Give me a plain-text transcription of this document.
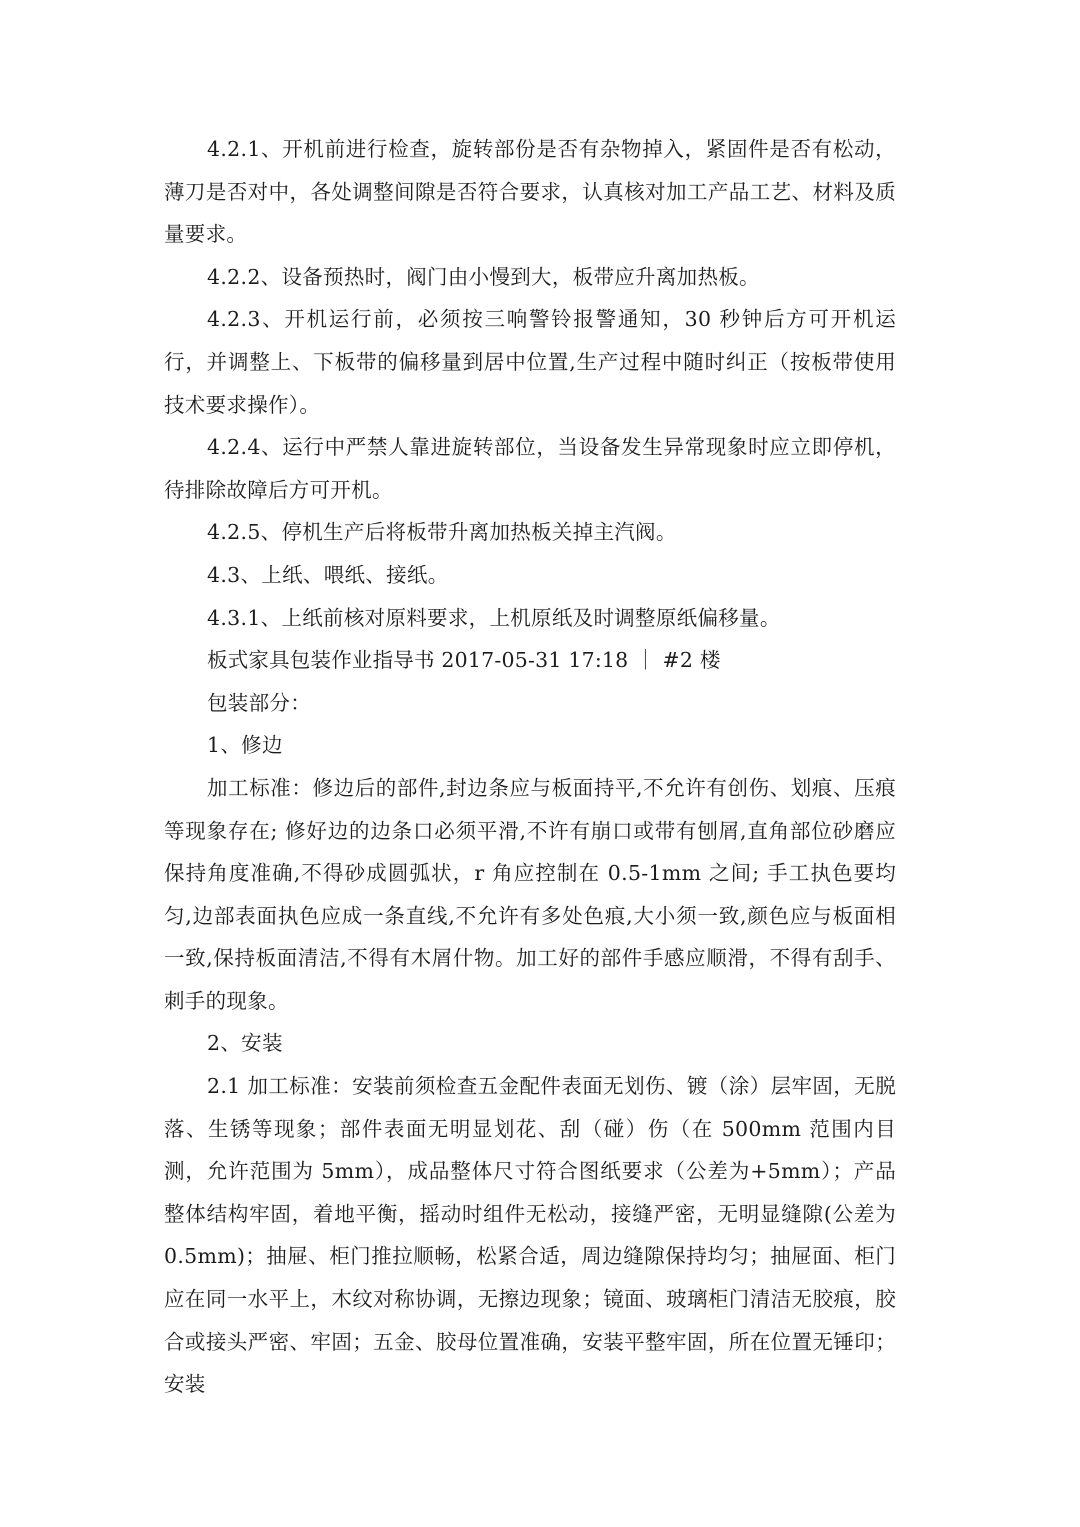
4.2.1、开机前进行检查，旋转部份是否有杂物掉入，紧固件是否有松动，薄刀是否对中，各处调整间隙是否符合要求，认真核对加工产品工艺、材料及质量要求。

4.2.2、设备预热时，阀门由小慢到大，板带应升离加热板。

4.2.3、开机运行前，必须按三响警铃报警通知，30 秒钟后方可开机运行，并调整上、下板带的偏移量到居中位置,生产过程中随时纠正（按板带使用技术要求操作）。

4.2.4、运行中严禁人靠进旋转部位，当设备发生异常现象时应立即停机，待排除故障后方可开机。

4.2.5、停机生产后将板带升离加热板关掉主汽阀。

4.3、上纸、喂纸、接纸。

4.3.1、上纸前核对原料要求，上机原纸及时调整原纸偏移量。

板式家具包装作业指导书 2017-05-31 17:18 ｜ #2 楼

包装部分：

1、修边

加工标准：修边后的部件,封边条应与板面持平,不允许有创伤、划痕、压痕等现象存在; 修好边的边条口必须平滑,不许有崩口或带有刨屑,直角部位砂磨应保持角度准确,不得砂成圆弧状，r 角应控制在 0.5-1mm 之间; 手工执色要均匀,边部表面执色应成一条直线,不允许有多处色痕,大小须一致,颜色应与板面相一致,保持板面清洁,不得有木屑什物。加工好的部件手感应顺滑，不得有刮手、刺手的现象。

2、安装

2.1 加工标准：安装前须检查五金配件表面无划伤、镀（涂）层牢固，无脱落、生锈等现象；部件表面无明显划花、刮（碰）伤（在 500mm 范围内目测，允许范围为 5mm），成品整体尺寸符合图纸要求（公差为+5mm）；产品整体结构牢固，着地平衡，摇动时组件无松动，接缝严密，无明显缝隙(公差为 0.5mm)；抽屉、柜门推拉顺畅，松紧合适，周边缝隙保持均匀；抽屉面、柜门应在同一水平上，木纹对称协调，无擦边现象；镜面、玻璃柜门清洁无胶痕，胶合或接头严密、牢固；五金、胶母位置准确，安装平整牢固，所在位置无锤印；安装
